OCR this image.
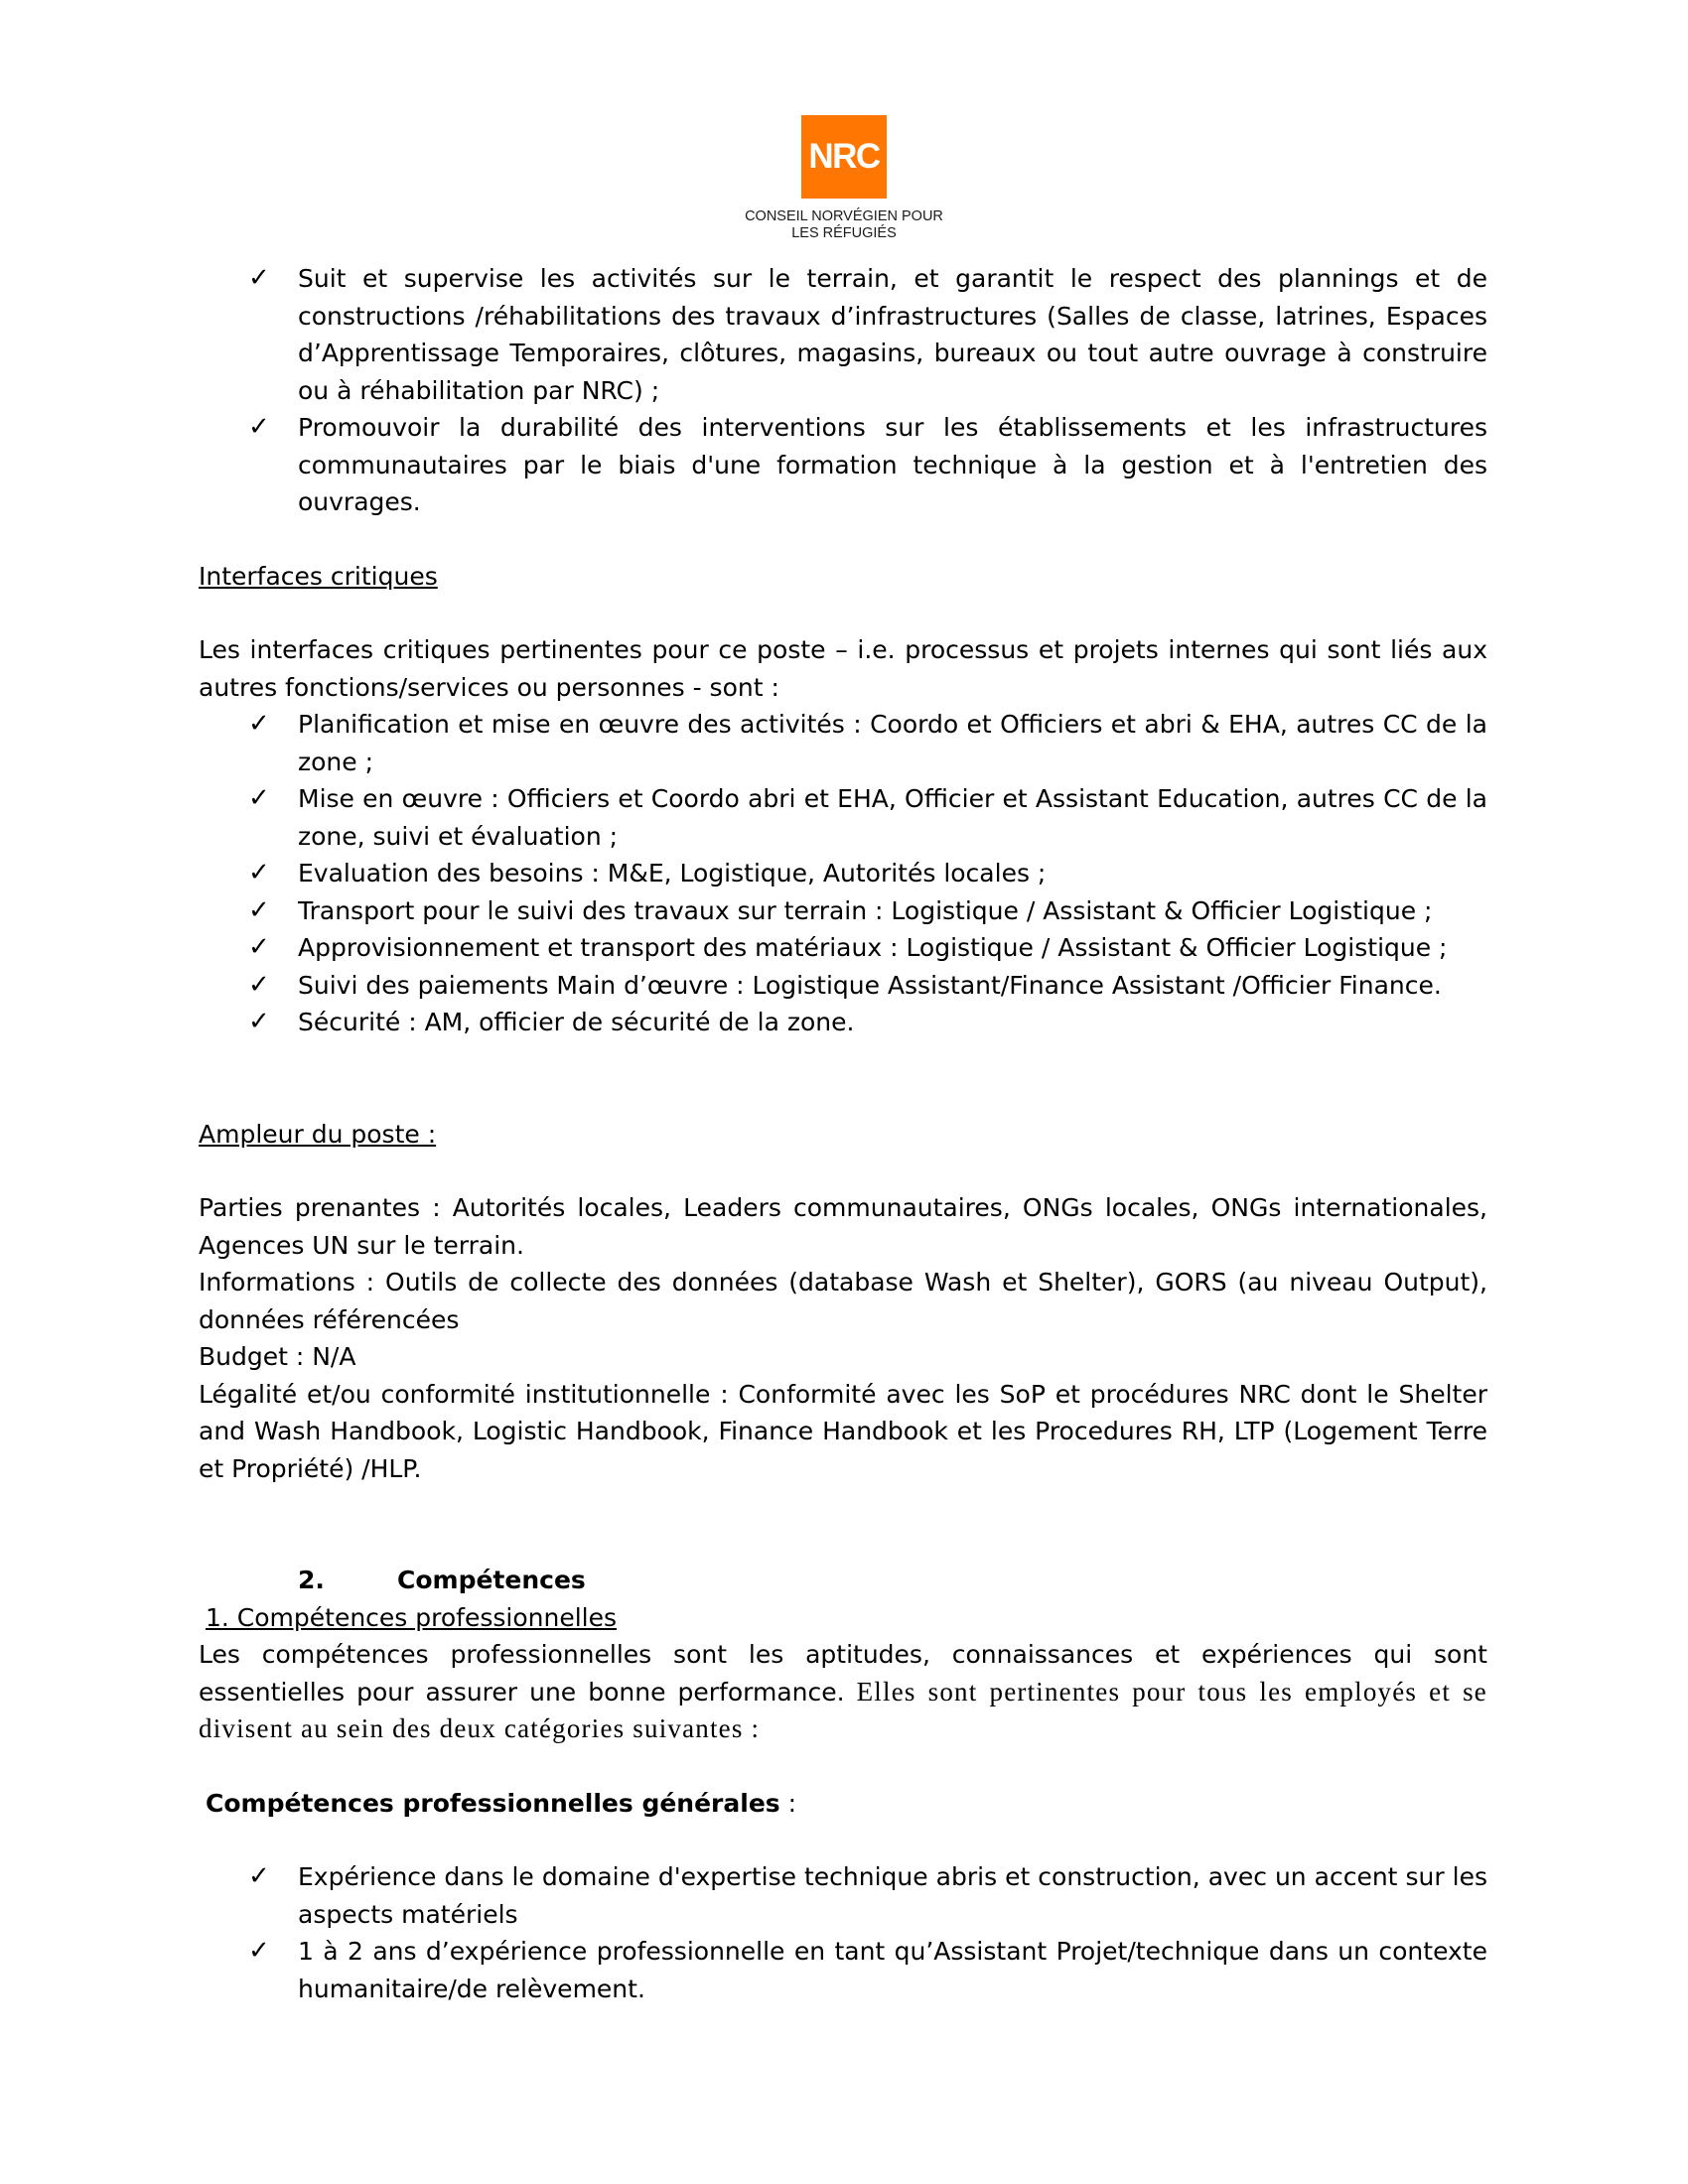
NRC
CONSEIL NORVÉGIEN POUR LES RÉFUGIÉS
✓	Suit et supervise les activités sur le terrain, et garantit le respect des plannings et de constructions /réhabilitations des travaux d’infrastructures (Salles de classe, latrines, Espaces d’Apprentissage Temporaires, clôtures, magasins, bureaux ou tout autre ouvrage à construire ou à réhabilitation par NRC) ;
✓	Promouvoir la durabilité des interventions sur les établissements et les infrastructures communautaires par le biais d'une formation technique à la gestion et à l'entretien des ouvrages.

Interfaces critiques

Les interfaces critiques pertinentes pour ce poste – i.e. processus et projets internes qui sont liés aux autres fonctions/services ou personnes - sont :

✓	Planification et mise en œuvre des activités : Coordo et Officiers et abri & EHA, autres CC de la zone ;
✓	Mise en œuvre : Officiers et Coordo abri et EHA, Officier et Assistant Education, autres CC de la zone, suivi et évaluation ;
✓	Evaluation des besoins : M&E, Logistique, Autorités locales ;
✓	Transport pour le suivi des travaux sur terrain : Logistique / Assistant & Officier Logistique ;
✓	Approvisionnement et transport des matériaux : Logistique / Assistant & Officier Logistique ;
✓	Suivi des paiements Main d’œuvre : Logistique Assistant/Finance Assistant /Officier Finance.
✓	Sécurité : AM, officier de sécurité de la zone.

Ampleur du poste :

Parties prenantes : Autorités locales, Leaders communautaires, ONGs locales, ONGs internationales, Agences UN sur le terrain.

Informations : Outils de collecte des données (database Wash et Shelter), GORS (au niveau Output), données référencées

Budget : N/A

Légalité et/ou conformité institutionnelle : Conformité avec les SoP et procédures NRC dont le Shelter and Wash Handbook, Logistic Handbook, Finance Handbook et les Procedures RH, LTP (Logement Terre et Propriété) /HLP.

2.	Compétences

1. Compétences professionnelles

Les compétences professionnelles sont les aptitudes, connaissances et expériences qui sont essentielles pour assurer une bonne performance. Elles sont pertinentes pour tous les employés et se divisent au sein des deux catégories suivantes :

Compétences professionnelles générales :

✓	Expérience dans le domaine d'expertise technique abris et construction, avec un accent sur les aspects matériels
✓	1 à 2 ans d’expérience professionnelle en tant qu’Assistant Projet/technique dans un contexte humanitaire/de relèvement.
